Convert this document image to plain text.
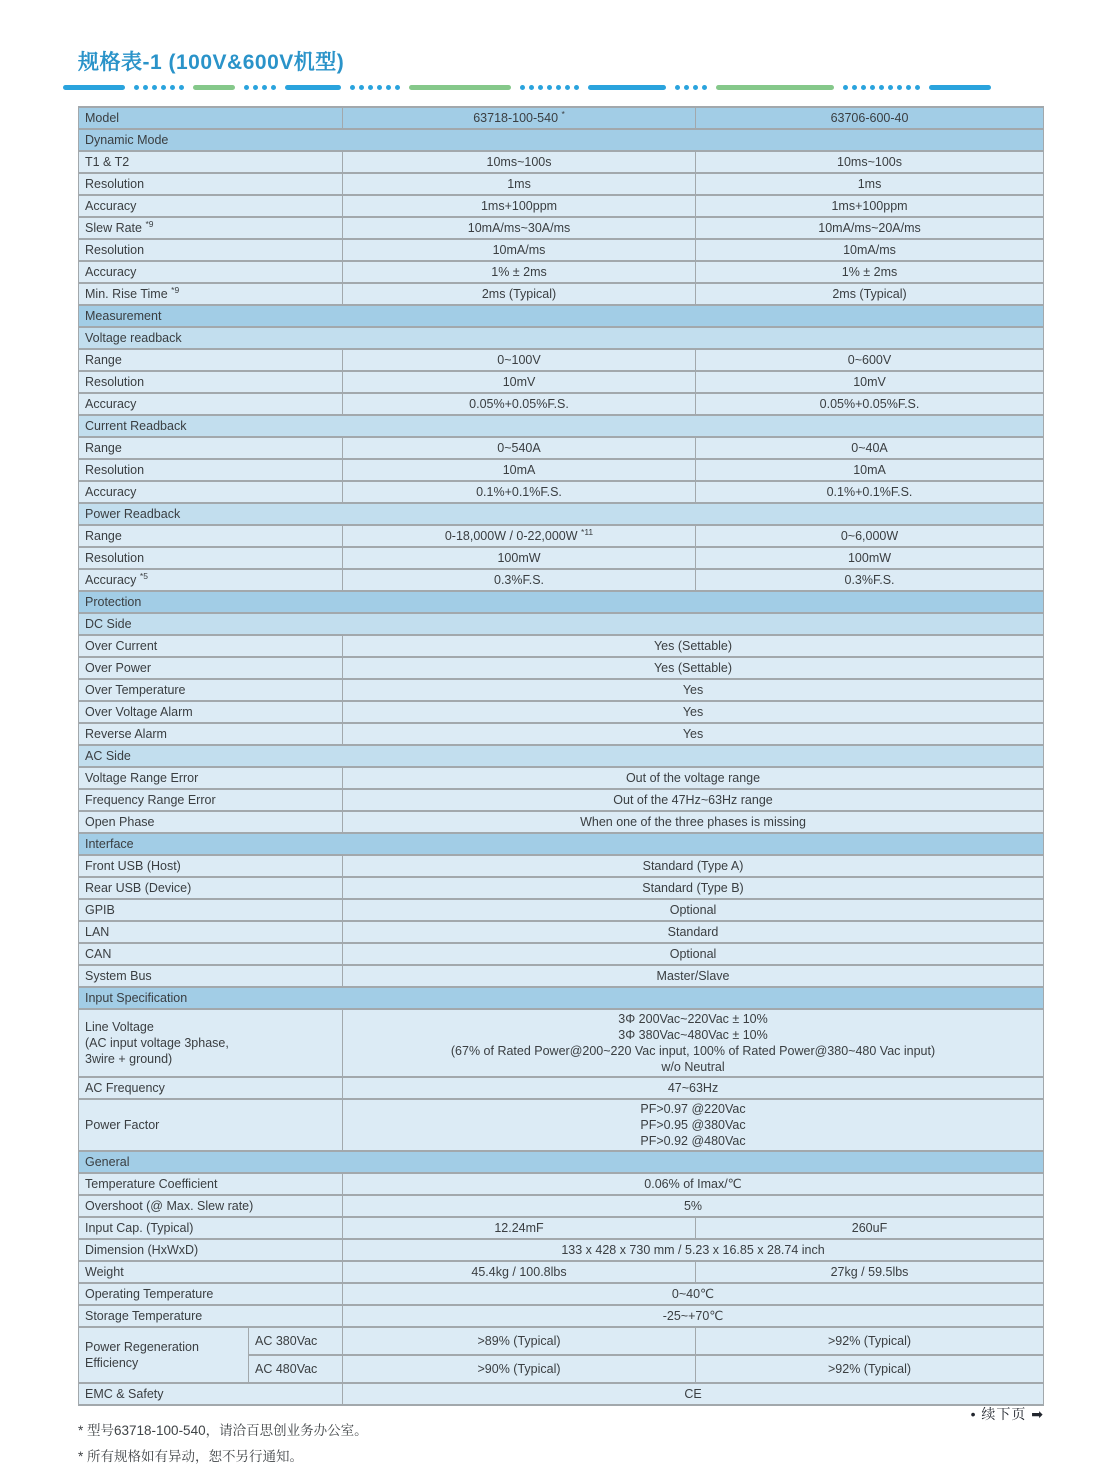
规格表-1 (100V&600V机型)
Model		63718-100-540 *	63706-600-40
Dynamic Mode			
T1 & T2		10ms~100s	10ms~100s
Resolution		1ms	1ms
Accuracy		1ms+100ppm	1ms+100ppm
Slew Rate $^{*9}$		10mA/ms~30A/ms	10mA/ms~20A/ms
Resolution		10mA/ms	10mA/ms
Accuracy		1% ± 2ms	1% ± 2ms
Min. Rise Time $^{*9}$		2ms (Typical)	2ms (Typical)
Measurement			
Voltage readback			
Range		0~100V	0~600V
Resolution		10mV	10mV
Accuracy		0.05%+0.05%F.S.	0.05%+0.05%F.S.
Current Readback			
Range		0~540A	0~40A
Resolution		10mA	10mA
Accuracy		0.1%+0.1%F.S.	0.1%+0.1%F.S.
Power Readback			
Range		0-18,000W / 0-22,000W $^{*11}$	0~6,000W
Resolution		100mW	100mW
Accuracy $^{*5}$		0.3%F.S.	0.3%F.S.
Protection			
DC Side			
Over Current		Yes (Settable)	
Over Power		Yes (Settable)	
Over Temperature		Yes	
Over Voltage Alarm		Yes	
Reverse Alarm		Yes	
AC Side			
Voltage Range Error		Out of the voltage range	
Frequency Range Error		Out of the 47Hz~63Hz range	
Open Phase		When one of the three phases is missing	
Interface			
Front USB (Host)		Standard (Type A)	
Rear USB (Device)		Standard (Type B)	
GPIB		Optional	
LAN		Standard	
CAN		Optional	
System Bus		Master/Slave	
Input Specification			
Line Voltage
(AC input voltage 3phase,
3wire + ground)		3Φ 200Vac~220Vac ± 10%
3Φ 380Vac~480Vac ± 10%
(67% of Rated Power@200~220 Vac input, 100% of Rated Power@380~480 Vac input)
w/o Neutral	
AC Frequency		47~63Hz	
Power Factor		PF>0.97 @220Vac
PF>0.95 @380Vac
PF>0.92 @480Vac	
General			
Temperature Coefficient		0.06% of Imax/℃	
Overshoot (@ Max. Slew rate)		5%	
Input Cap. (Typical)		12.24mF	260uF
Dimension (HxWxD)		133 x 428 x 730 mm / 5.23 x 16.85 x 28.74 inch	
Weight		45.4kg / 100.8lbs	27kg / 59.5lbs
Operating Temperature		0~40℃	
Storage Temperature		-25~+70℃	
Power Regeneration
Efficiency	AC 380Vac	>89% (Typical)	>92% (Typical)
	AC 480Vac	>90% (Typical)	>92% (Typical)
EMC & Safety		CE	
* 型号63718-100-540，请洽百思创业务办公室。
* 所有规格如有异动，恕不另行通知。
• 续下页 ➡
